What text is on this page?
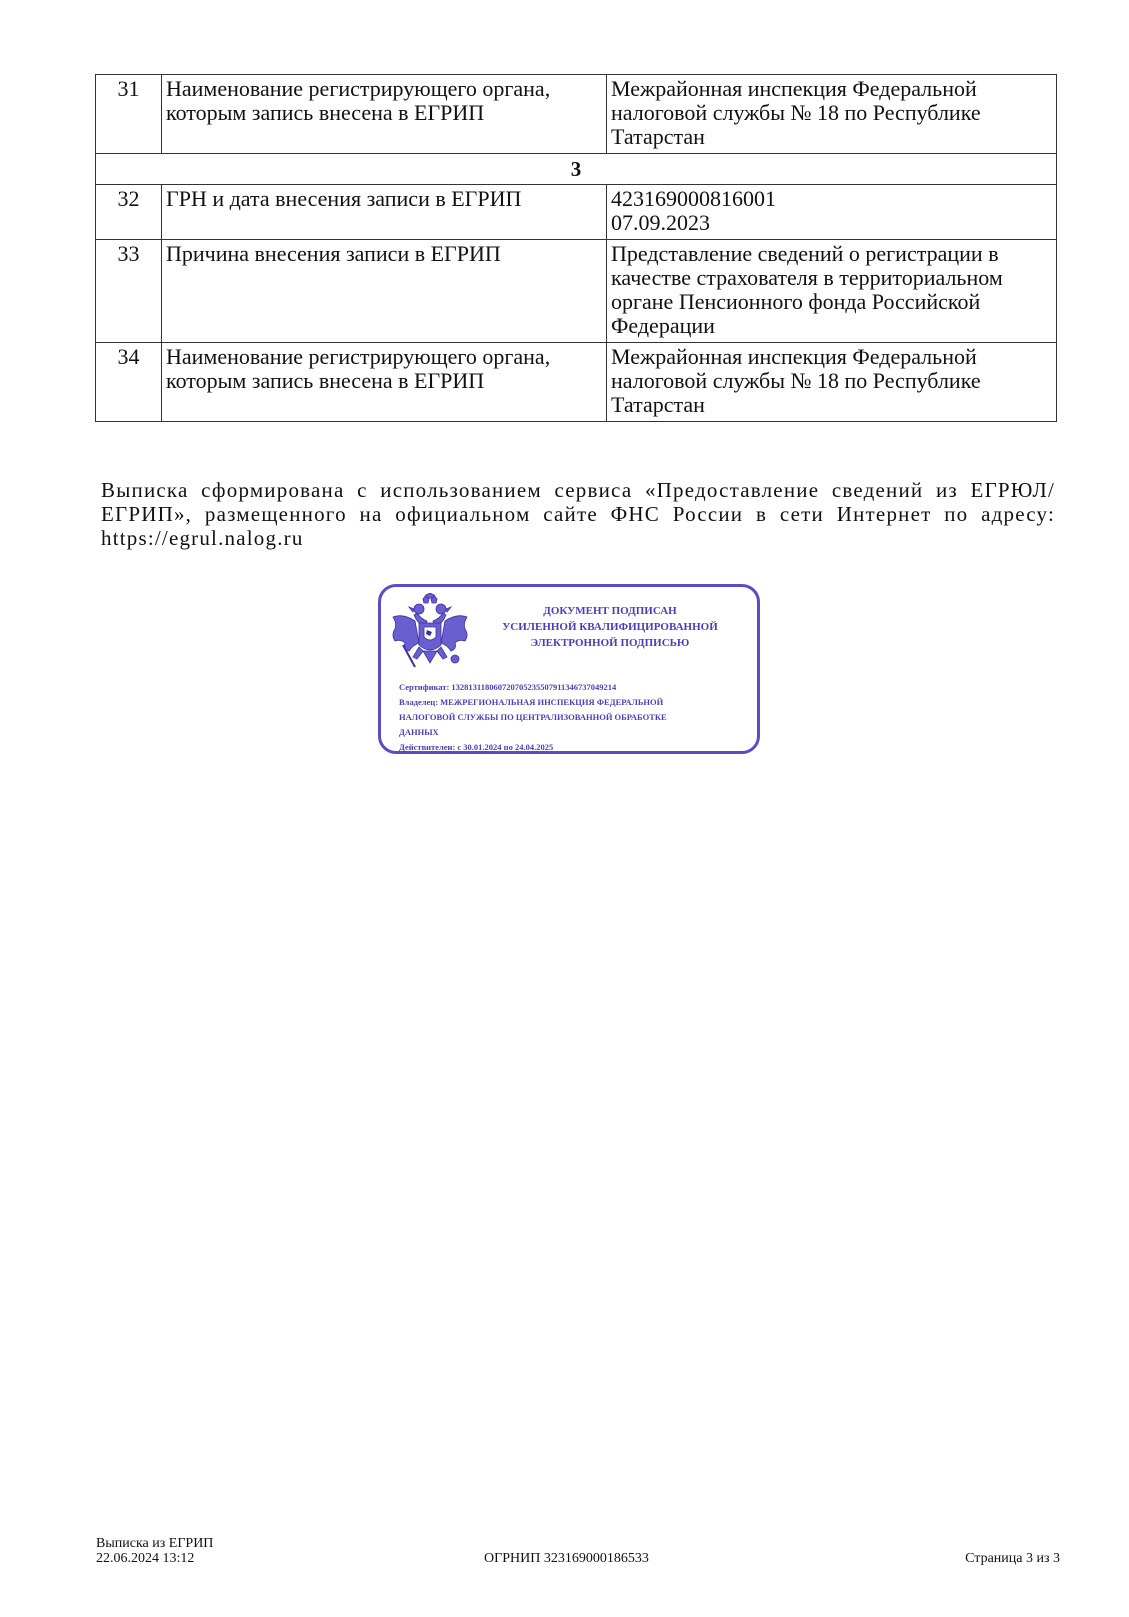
31	Наименование регистрирующего органа, которым запись внесена в ЕГРИП	Межрайонная инспекция Федеральной налоговой службы № 18 по Республике Татарстан
3		
32	ГРН и дата внесения записи в ЕГРИП	423169000816001
07.09.2023
33	Причина внесения записи в ЕГРИП	Представление сведений о регистрации в качестве страхователя в территориальном органе Пенсионного фонда Российской Федерации
34	Наименование регистрирующего органа, которым запись внесена в ЕГРИП	Межрайонная инспекция Федеральной налоговой службы № 18 по Республике Татарстан
Выписка сформирована с использованием сервиса «Предоставление сведений из ЕГРЮЛ/ЕГРИП», размещенного на официальном сайте ФНС России в сети Интернет по адресу: https://egrul.nalog.ru
ДОКУМЕНТ ПОДПИСАН
УСИЛЕННОЙ КВАЛИФИЦИРОВАННОЙ
ЭЛЕКТРОННОЙ ПОДПИСЬЮ
Сертификат: 132813118060720705235507911346737049214
Владелец: МЕЖРЕГИОНАЛЬНАЯ ИНСПЕКЦИЯ ФЕДЕРАЛЬНОЙ
НАЛОГОВОЙ СЛУЖБЫ ПО ЦЕНТРАЛИЗОВАННОЙ ОБРАБОТКЕ
ДАННЫХ
Действителен: с 30.01.2024 по 24.04.2025
Выписка из ЕГРИП
22.06.2024 13:12	ОГРНИП 323169000186533	Страница 3 из 3
